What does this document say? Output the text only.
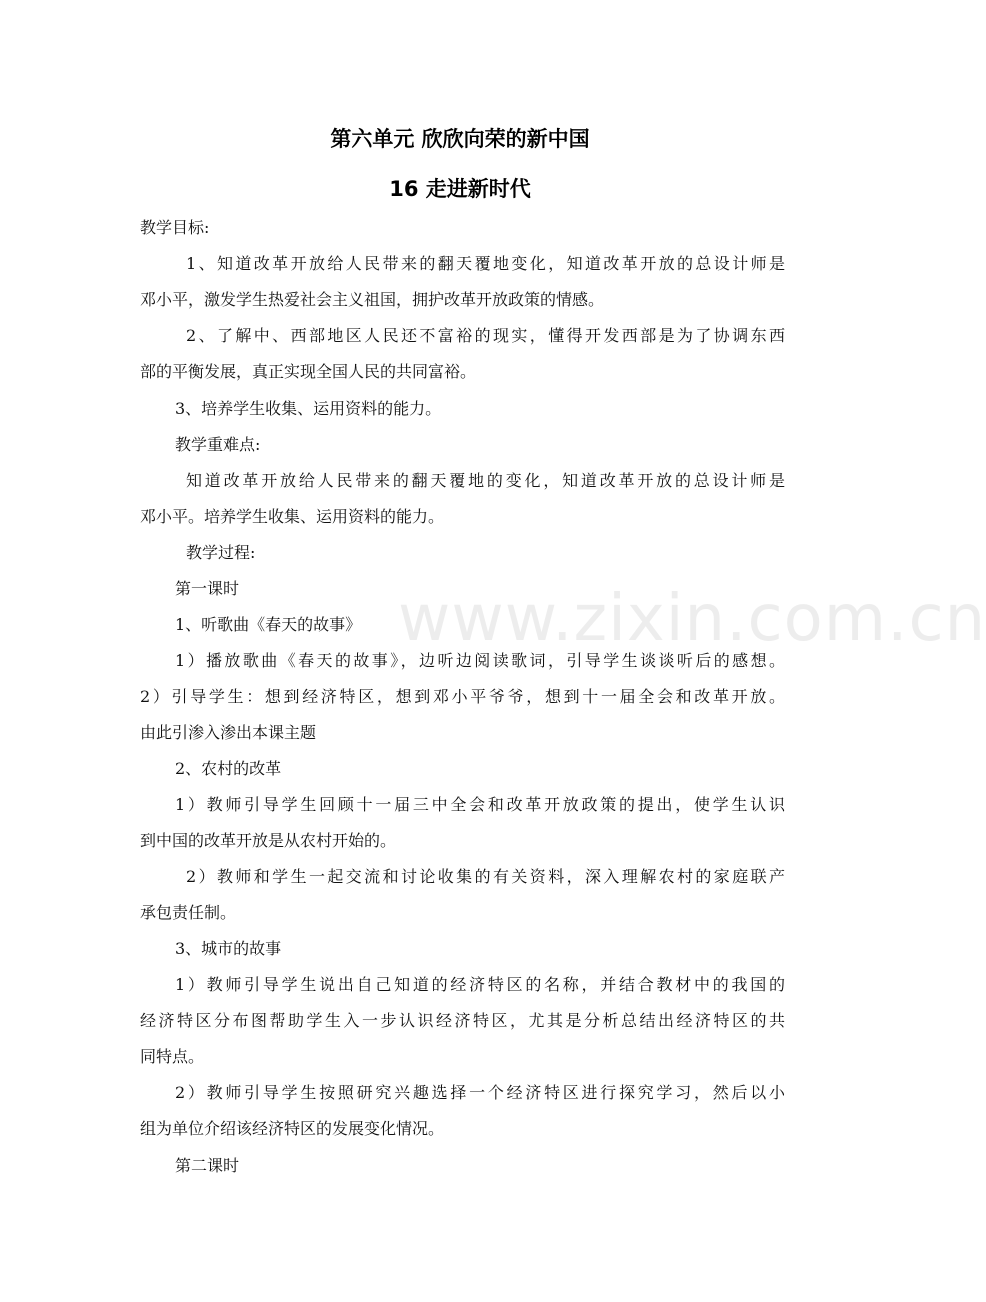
第六单元 欣欣向荣的新中国
16 走进新时代
教学目标:
1、知道改革开放给人民带来的翻天覆地变化，知道改革开放的总设计师是
邓小平，激发学生热爱社会主义祖国，拥护改革开放政策的情感。
2、了解中、西部地区人民还不富裕的现实，懂得开发西部是为了协调东西
部的平衡发展，真正实现全国人民的共同富裕。
3、培养学生收集、运用资料的能力。
教学重难点:
知道改革开放给人民带来的翻天覆地的变化，知道改革开放的总设计师是
邓小平。培养学生收集、运用资料的能力。
教学过程:
第一课时
1、听歌曲《春天的故事》
1）播放歌曲《春天的故事》，边听边阅读歌词，引导学生谈谈听后的感想。
2）引导学生：想到经济特区，想到邓小平爷爷，想到十一届全会和改革开放。
由此引渗入渗出本课主题
2、农村的改革
1）教师引导学生回顾十一届三中全会和改革开放政策的提出，使学生认识
到中国的改革开放是从农村开始的。
2）教师和学生一起交流和讨论收集的有关资料，深入理解农村的家庭联产
承包责任制。
3、城市的故事
1）教师引导学生说出自己知道的经济特区的名称，并结合教材中的我国的
经济特区分布图帮助学生入一步认识经济特区，尤其是分析总结出经济特区的共
同特点。
2）教师引导学生按照研究兴趣选择一个经济特区进行探究学习，然后以小
组为单位介绍该经济特区的发展变化情况。
第二课时
www.zixin.com.cn
